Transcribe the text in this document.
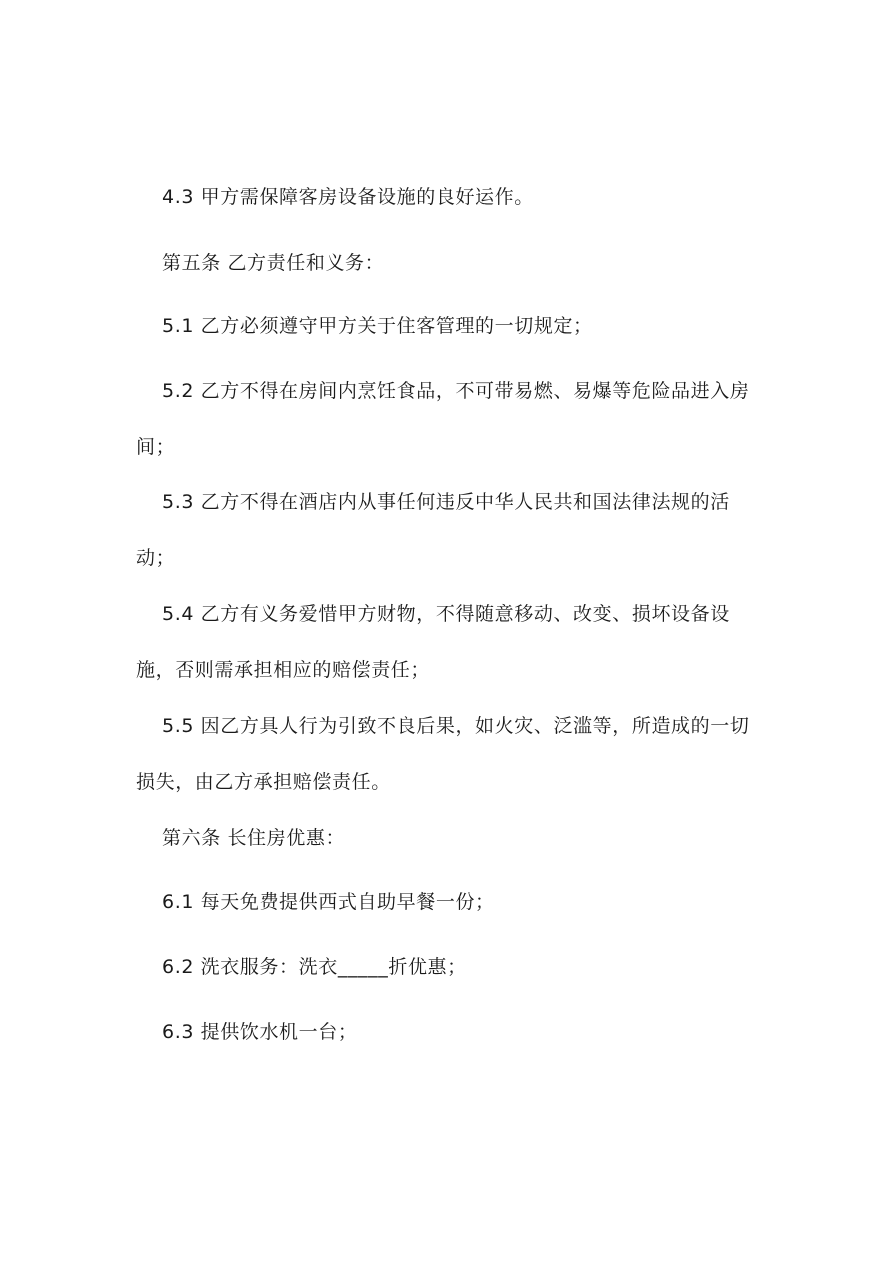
4.3 甲方需保障客房设备设施的良好运作。

第五条 乙方责任和义务：

5.1 乙方必须遵守甲方关于住客管理的一切规定；

5.2 乙方不得在房间内烹饪食品，不可带易燃、易爆等危险品进入房间；

5.3 乙方不得在酒店内从事任何违反中华人民共和国法律法规的活动；

5.4 乙方有义务爱惜甲方财物，不得随意移动、改变、损坏设备设施，否则需承担相应的赔偿责任；

5.5 因乙方具人行为引致不良后果，如火灾、泛滥等，所造成的一切损失，由乙方承担赔偿责任。

第六条 长住房优惠：

6.1 每天免费提供西式自助早餐一份；

6.2 洗衣服务：洗衣_____折优惠；

6.3 提供饮水机一台；
